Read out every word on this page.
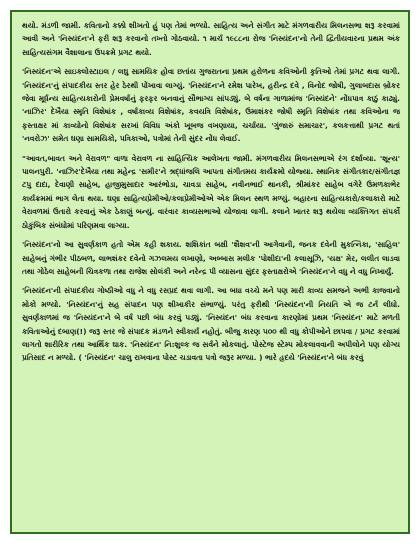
થયો. મંડળી જામી. કવિતાનો કક્કો શીખતો હું પણ તેમાં ભળ્યો. સાહિત્ય અને સંગીત માટે મંગળવારીય મિલનસભા શરૂ કરવામાં આવી અને 'નિસ્યંદન'ને ફરી શરૂ કરવાનો તખ્તો ગોઠવાયો. ૧ માર્ચ ૧૯૮૮ના રોજ 'નિસ્યંદન'નો તેની દ્વિતીયવારના પ્રથમ અંક સાહિત્યસંગમ વૈશાલાના ઉપક્રમે પ્રગટ થયો.

'નિસ્યંદન'એ સાઇક્લોસ્ટાઇલ / લઘુ સામયિક હોવા છતાંય ગુજરાતના પ્રથમ હરોળના કવિઓની કૃતિઓ તેમાં પ્રગટ થવા લાગી. 'નિસ્યંદન'નું સંપાદકીય સ્તર હેર ઠેરથી પોંખાવા લાગ્યું. 'નિસ્યંદન'ને રમેશ પારેખ, હરીન્દ્ર દવે , વિનોદ જોષી, ગુલાબદાસ બ્રોકર જેવા મૂર્ધન્ય સાહિત્યકારોની પ્રેમવર્ષાનું ફરફર બનવાનું સૌભાગ્ય સાંપડ્યું. બે વર્ષના ગાળામાંજ 'નિસ્યંદને' નોંધપાત્ર કાઠું કાઢ્યું. 'નાઝિર' દેખૈયા સ્મૃતિ વિશેષાંક , વર્ષાકાવ્ય વિશેષાંક, કવયત્રિ વિશેષાંક, ઉમાશંકર જોષી સ્મૃતિ વિશેષાંક તથા કવિઓના જ ફસ્તાક્ષર માં કાવ્યોનો વિશેષાંક સરખાં વિવિધ અંકો ખૂબજ વખણાયા, ચર્ચાયા. 'ગુંજારું સમાચાર', કલકત્તાથી પ્રગટ થતાં 'નવરોઝ' સમેત ઘણા સામયિકો, પત્રિકાઓ, પત્રોમાં તેની સુંદર નોંધ લેવાઈ.

"આવત,બાવત અને વેરાવળ" વાળા વેરાવળ ના સાહિત્યિક આલેખતા જામી. મંગળવારીય મિલનસભાએ રંગ દર્શાવ્યા. 'શૂન્ય' પાલનપુરી. 'નાઝિર'દેખૈયા તથા મહેન્દ્ર 'સમીર'ને શ્રદ્ધાંજલિ આપતા સંગીતમય કાર્યક્રમો યોજ્યા. સ્થાનિક સંગીતકાર/સંગીતજ્ઞ ટપુ દાદા, દેવાણી સાહેબ, હાજીમુસાદાર આરંભોડા, ચાવડા સાહેબ, નવીનભાઈ થાનકી, શ્રીમાંકર સાહેબ વગેરે ઉમળકાભેર કાર્યક્રમમાં ભાગ લેતા થયા. ઘણા સાહિત્યપ્રેમીઓ/કલાપ્રેમીઓએ એક મિલન સ્થળ મળ્યું. બહારના સાહિત્યકારો/કલાકારો માટે વેરાવળમાં ઉતારો કરવાનું એક ઠેકાણું બન્યું. વારંવાર કાવ્યસભાઓ યોજાવા લાગી. કલાને ખાતર શરૂ થયેલા વ્યક્તિગત સંપર્કો ઠોકુંબિક સંબંધોમાં પરિણમવા લાગ્યા.

'નિસ્યંદન'નો આ સુવર્ણકાળ હતો એમ કહી શકાય. શશિકાંત બક્ષી 'શૈશવ'ની આગેવાની, જનક દવેની મુકત્નિકા, 'સાહિલ' સાહેબનું ગંભીર પીઠબળ, લાભશંકર દવેનો ગઝલમય લખાણો, અબ્બાસ મલીક 'પોશીદા'ની કલાસૂઝિ, 'યક્ષ' મેર, લલીત લાડવા તથા ગોઠેલ સાહેબની ચિત્રકળા તથા રાજેશ સોલંકી અને નરેન્દ્ર પી વ્યાસના સુંદર ફસ્તાક્ષરોએ 'નિસ્યંદન'ને વધુ ને વધુ નિખાર્યું.

'નિસ્યંદન'ની સંપાદકીય ગોષ્ઠીઓ વધુ ને વધુ રસપ્રદ થવા લાગી. આ બધા વચ્ચે મને પણ મારી કાવ્ય સમજને અભી કાજવાનો મોકો મળ્યો. 'નિસ્યંદન'નું સહ સંપાદન પણ શીખાકીર સંભાળ્યું. પરંતુ ફરીથી 'નિસ્યંદન'ની નિયતિ એ જ ટર્ન લીધો. સુવર્ણકાળમાં જ 'નિસ્યંદન'ને બે વર્ષ પછી બંધ કરવું પડ્યું. 'નિસ્યંદન' બંધ કરવાના કારણોમાં પ્રથમ 'નિસ્યંદન' માટે મળતી કવિતાઓનું દબાણ(!) જરૂ સ્તર જે સંપાદક મંડળને સ્વીકાર્ય નહોતું. બીજુ કારણ ૫૦૦ થી વધુ કોપીઓને છાપવા / પ્રગટ કરવામાં લાગતો શારીરિક તથા આર્થિક ઘાક. 'નિસ્યંદન' નિ:શુલ્ક જ સર્વને મોકલાતું. પોસ્ટેજ સ્ટેમ્પ મોકલાવવાની અપીલોને પણ યોગ્ય પ્રતિસાદ ન મળ્યો. ( 'નિસ્યંદન' ચાલુ રાખવાના પોસ્ટ ચડાવતા પત્રો જરૂર મળ્યા. ) ભારે હૃદયે 'નિસ્યંદન'ને બંધ કરવું
